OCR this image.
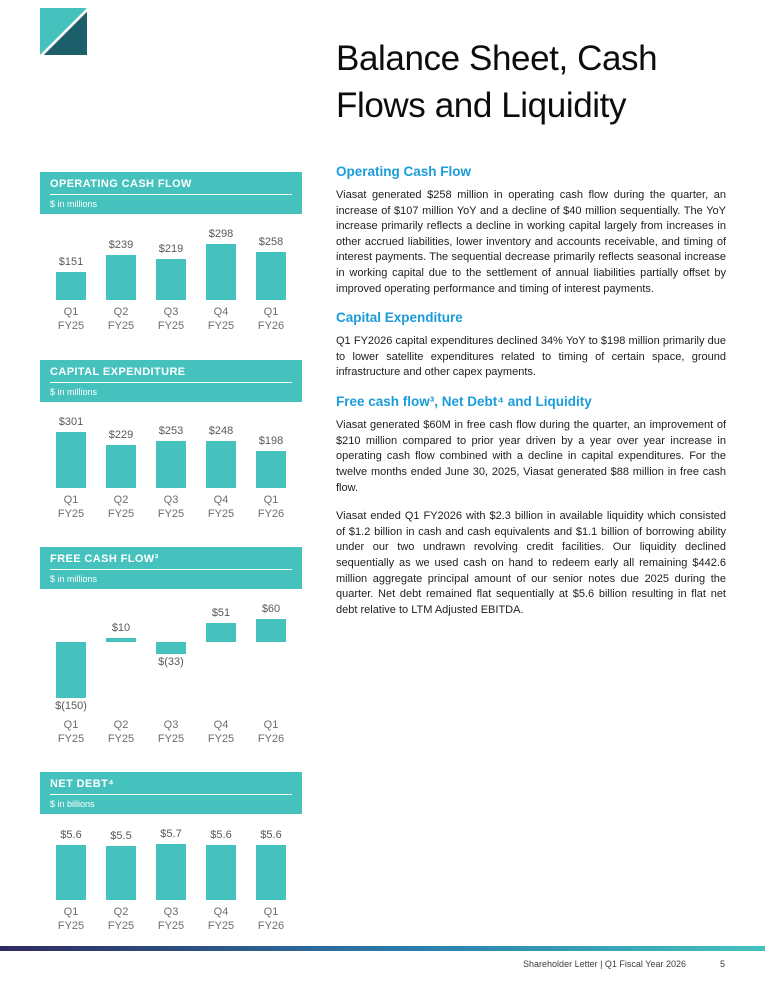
Balance Sheet, Cash Flows and Liquidity
OPERATING CASH FLOW
$ in millions
$151
Q1
FY25
$239
Q2
FY25
$219
Q3
FY25
$298
Q4
FY25
$258
Q1
FY26
CAPITAL EXPENDITURE
$ in millions
$301
Q1
FY25
$229
Q2
FY25
$253
Q3
FY25
$248
Q4
FY25
$198
Q1
FY26
FREE CASH FLOW³
$ in millions
$(150)
Q1
FY25
$10
Q2
FY25
$(33)
Q3
FY25
$51
Q4
FY25
$60
Q1
FY26
NET DEBT⁴
$ in billions
$5.6
Q1
FY25
$5.5
Q2
FY25
$5.7
Q3
FY25
$5.6
Q4
FY25
$5.6
Q1
FY26
Operating Cash Flow

Viasat generated $258 million in operating cash flow during the quarter, an increase of $107 million YoY and a decline of $40 million sequentially. The YoY increase primarily reflects a decline in working capital largely from increases in other accrued liabilities, lower inventory and accounts receivable, and timing of interest payments. The sequential decrease primarily reflects seasonal increase in working capital due to the settlement of annual liabilities partially offset by improved operating performance and timing of interest payments.

Capital Expenditure

Q1 FY2026 capital expenditures declined 34% YoY to $198 million primarily due to lower satellite expenditures related to timing of certain space, ground infrastructure and other capex payments.

Free cash flow³, Net Debt⁴ and Liquidity

Viasat generated $60M in free cash flow during the quarter, an improvement of $210 million compared to prior year driven by a year over year increase in operating cash flow combined with a decline in capital expenditures. For the twelve months ended June 30, 2025, Viasat generated $88 million in free cash flow.

Viasat ended Q1 FY2026 with $2.3 billion in available liquidity which consisted of $1.2 billion in cash and cash equivalents and $1.1 billion of borrowing ability under our two undrawn revolving credit facilities. Our liquidity declined sequentially as we used cash on hand to redeem early all remaining $442.6 million aggregate principal amount of our senior notes due 2025 during the quarter. Net debt remained flat sequentially at $5.6 billion resulting in flat net debt relative to LTM Adjusted EBITDA.

Shareholder Letter | Q1 Fiscal Year 2026	5
